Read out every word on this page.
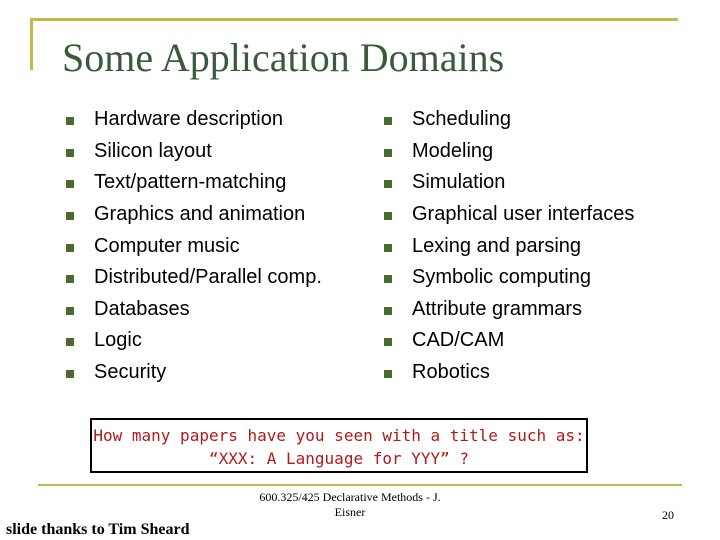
Some Application Domains
Hardware description
Silicon layout
Text/pattern-matching
Graphics and animation
Computer music
Distributed/Parallel comp.
Databases
Logic
Security
Scheduling
Modeling
Simulation
Graphical user interfaces
Lexing and parsing
Symbolic computing
Attribute grammars
CAD/CAM
Robotics
How many papers have you seen with a title such as:
“XXX: A Language for YYY” ?
slide thanks to Tim Sheard
600.325/425 Declarative Methods - J. Eisner	20
